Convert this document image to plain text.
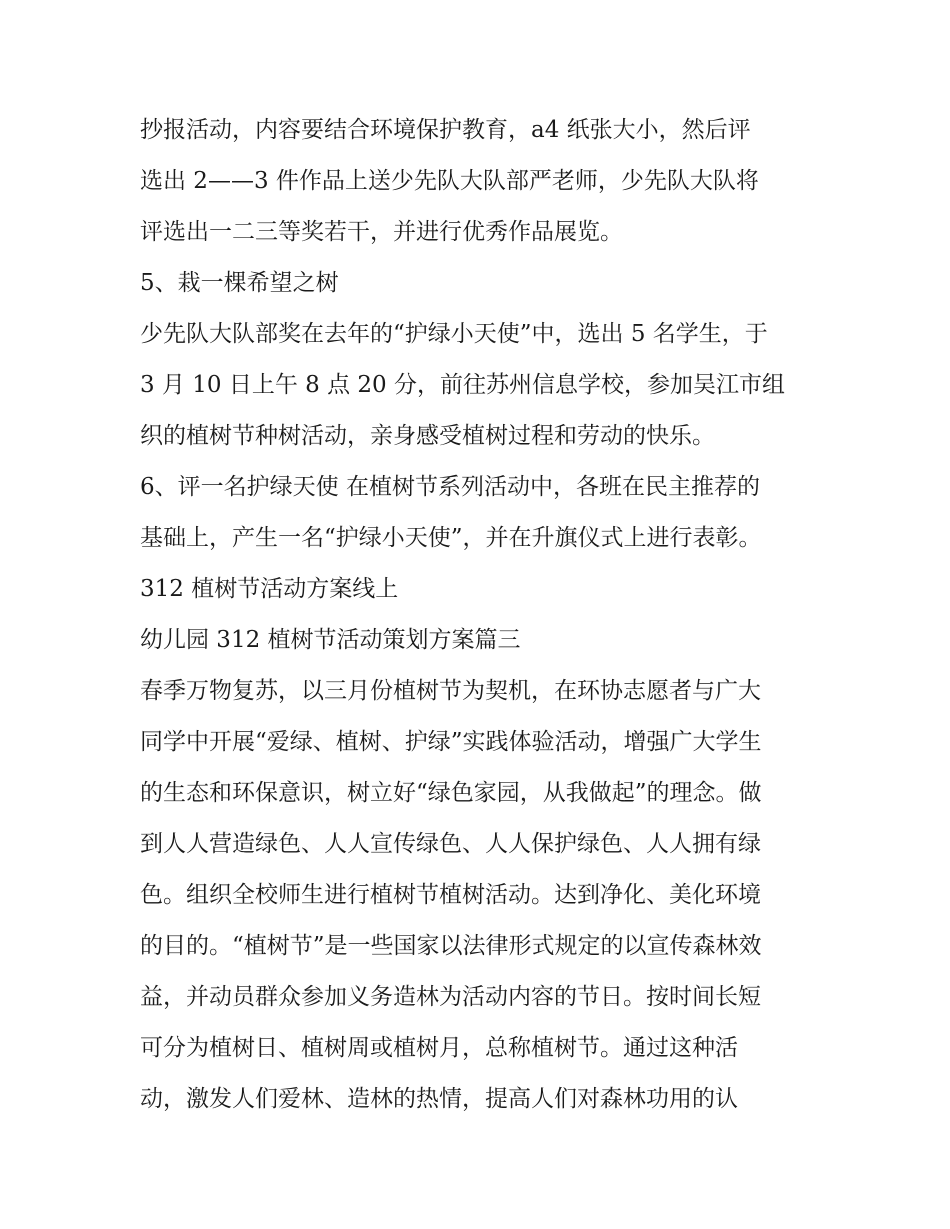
抄报活动，内容要结合环境保护教育，a4 纸张大小，然后评
选出 2——3 件作品上送少先队大队部严老师，少先队大队将
评选出一二三等奖若干，并进行优秀作品展览。
5、栽一棵希望之树
少先队大队部奖在去年的“护绿小天使”中，选出 5 名学生，于
3 月 10 日上午 8 点 20 分，前往苏州信息学校，参加吴江市组
织的植树节种树活动，亲身感受植树过程和劳动的快乐。
6、评一名护绿天使 在植树节系列活动中，各班在民主推荐的
基础上，产生一名“护绿小天使”，并在升旗仪式上进行表彰。
312 植树节活动方案线上
幼儿园 312 植树节活动策划方案篇三
春季万物复苏，以三月份植树节为契机，在环协志愿者与广大
同学中开展“爱绿、植树、护绿”实践体验活动，增强广大学生
的生态和环保意识，树立好“绿色家园，从我做起”的理念。做
到人人营造绿色、人人宣传绿色、人人保护绿色、人人拥有绿
色。组织全校师生进行植树节植树活动。达到净化、美化环境
的目的。“植树节”是一些国家以法律形式规定的以宣传森林效
益，并动员群众参加义务造林为活动内容的节日。按时间长短
可分为植树日、植树周或植树月，总称植树节。通过这种活
动，激发人们爱林、造林的热情，提高人们对森林功用的认
